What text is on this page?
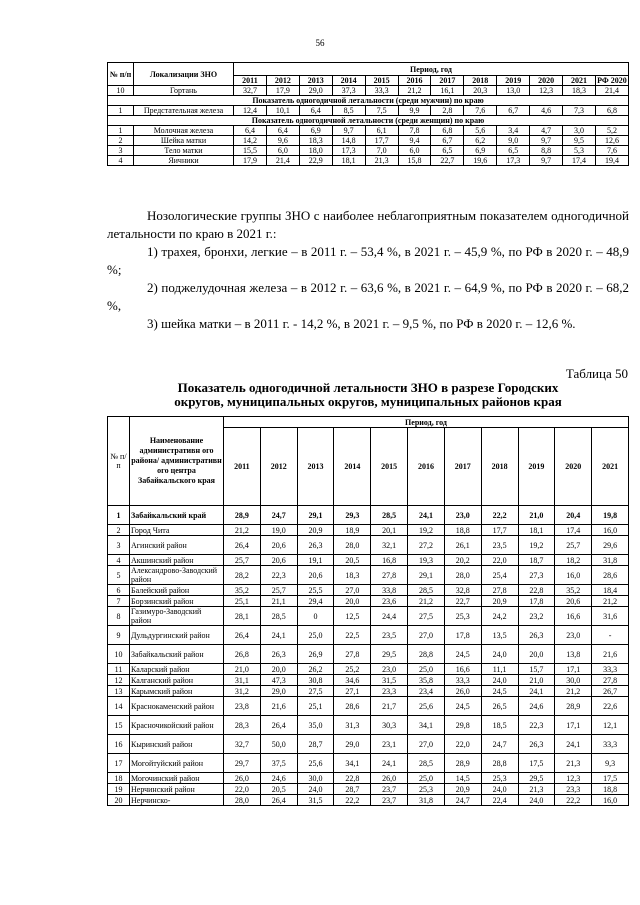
56
№ п/п	Локализации ЗНО	Период, год											
		2011	2012	2013	2014	2015	2016	2017	2018	2019	2020	2021	РФ 2020
10	Гортань	32,7	17,9	29,0	37,3	33,3	21,2	16,1	20,3	13,0	12,3	18,3	21,4
Показатель одногодичной летальности (среди мужчин) по краю													
1	Предстательная железа	12,4	10,1	6,4	8,5	7,5	9,9	2,8	7,6	6,7	4,6	7,3	6,8
Показатель одногодичной летальности (среди женщин) по краю													
1	Молочная железа	6,4	6,4	6,9	9,7	6,1	7,8	6,8	5,6	3,4	4,7	3,0	5,2
2	Шейка матки	14,2	9,6	18,3	14,8	17,7	9,4	6,7	6,2	9,0	9,7	9,5	12,6
3	Тело матки	15,5	6,0	18,0	17,3	7,0	6,0	6,5	6,9	6,5	8,8	5,3	7,6
4	Яичники	17,9	21,4	22,9	18,1	21,3	15,8	22,7	19,6	17,3	9,7	17,4	19,4

Нозологические группы ЗНО с наиболее неблагоприятным показателем одногодичной летальности по краю в 2021 г.:

1) трахея, бронхи, легкие – в 2011 г. – 53,4 %, в 2021 г. – 45,9 %, по РФ в 2020 г. – 48,9 %;

2) поджелудочная железа – в 2012 г. – 63,6 %, в 2021 г. – 64,9 %, по РФ в 2020 г. – 68,2 %,

3) шейка матки – в 2011 г. - 14,2 %, в 2021 г. – 9,5 %, по РФ в 2020 г. – 12,6 %.

Таблица 50
Показатель одногодичной летальности ЗНО в разрезе Городских
округов, муниципальных округов, муниципальных районов края
№ п/п	Наименование административн ого района/ административн ого центра Забайкальского края	Период, год										
		2011	2012	2013	2014	2015	2016	2017	2018	2019	2020	2021
1	Забайкальский край	28,9	24,7	29,1	29,3	28,5	24,1	23,0	22,2	21,0	20,4	19,8
2	Город Чита	21,2	19,0	20,9	18,9	20,1	19,2	18,8	17,7	18,1	17,4	16,0
3	Агинский район	26,4	20,6	26,3	28,0	32,1	27,2	26,1	23,5	19,2	25,7	29,6
4	Акшинский район	25,7	20,6	19,1	20,5	16,8	19,3	20,2	22,0	18,7	18,2	31,8
5	Александрово-Заводский район	28,2	22,3	20,6	18,3	27,8	29,1	28,0	25,4	27,3	16,0	28,6
6	Балейский район	35,2	25,7	25,5	27,0	33,8	28,5	32,8	27,8	22,8	35,2	18,4
7	Борзинский район	25,1	21,1	29,4	20,0	23,6	21,2	22,7	20,9	17,8	20,6	21,2
8	Газимуро-Заводский район	28,1	28,5	0	12,5	24,4	27,5	25,3	24,2	23,2	16,6	31,6
9	Дульдургинский район	26,4	24,1	25,0	22,5	23,5	27,0	17,8	13,5	26,3	23,0	-
10	Забайкальский район	26,8	26,3	26,9	27,8	29,5	28,8	24,5	24,0	20,0	13,8	21,6
11	Каларский район	21,0	20,0	26,2	25,2	23,0	25,0	16,6	11,1	15,7	17,1	33,3
12	Калганский район	31,1	47,3	30,8	34,6	31,5	35,8	33,3	24,0	21,0	30,0	27,8
13	Карымский район	31,2	29,0	27,5	27,1	23,3	23,4	26,0	24,5	24,1	21,2	26,7
14	Краснокаменский район	23,8	21,6	25,1	28,6	21,7	25,6	24,5	26,5	24,6	28,9	22,6
15	Красночикойский район	28,3	26,4	35,0	31,3	30,3	34,1	29,8	18,5	22,3	17,1	12,1
16	Кыринский район	32,7	50,0	28,7	29,0	23,1	27,0	22,0	24,7	26,3	24,1	33,3
17	Могойтуйский район	29,7	37,5	25,6	34,1	24,1	28,5	28,9	28,8	17,5	21,3	9,3
18	Могочинский район	26,0	24,6	30,0	22,8	26,0	25,0	14,5	25,3	29,5	12,3	17,5
19	Нерчинский район	22,0	20,5	24,0	28,7	23,7	25,3	20,9	24,0	21,3	23,3	18,8
20	Нерчинско-	28,0	26,4	31,5	22,2	23,7	31,8	24,7	22,4	24,0	22,2	16,0
